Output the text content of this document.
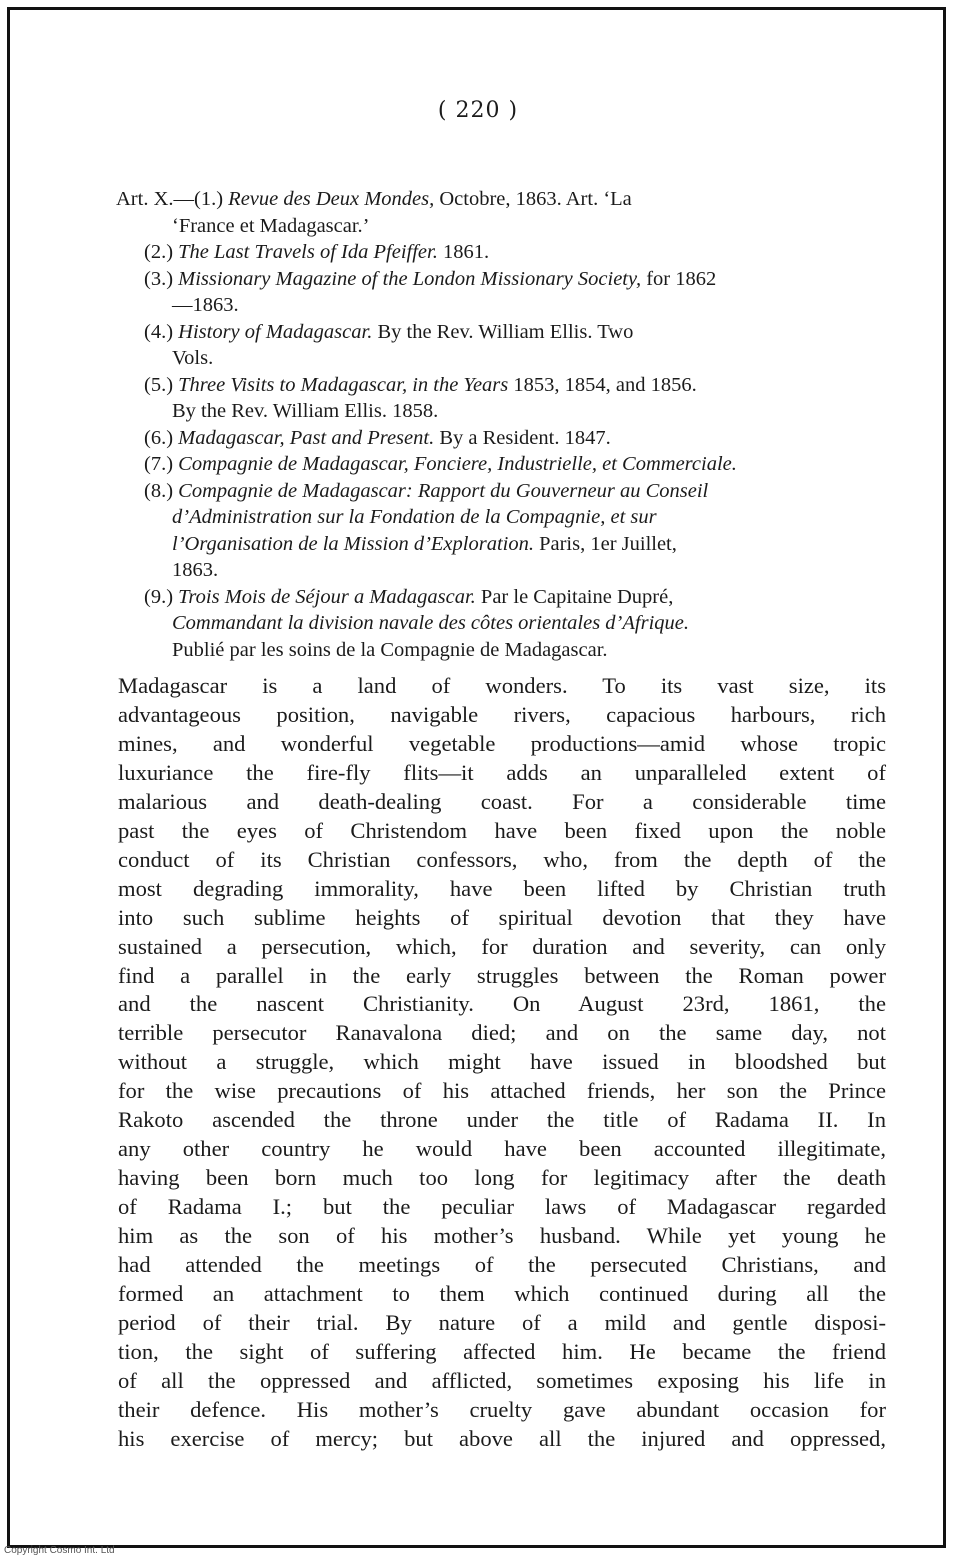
( 220 )
Art. X.—(1.) Revue des Deux Mondes, Octobre, 1863. Art. ‘La
‘France et Madagascar.’
(2.) The Last Travels of Ida Pfeiffer. 1861.
(3.) Missionary Magazine of the London Missionary Society, for 1862
—1863.
(4.) History of Madagascar. By the Rev. William Ellis. Two
Vols.
(5.) Three Visits to Madagascar, in the Years 1853, 1854, and 1856.
By the Rev. William Ellis. 1858.
(6.) Madagascar, Past and Present. By a Resident. 1847.
(7.) Compagnie de Madagascar, Fonciere, Industrielle, et Commerciale.
(8.) Compagnie de Madagascar: Rapport du Gouverneur au Conseil
d’Administration sur la Fondation de la Compagnie, et sur
l’Organisation de la Mission d’Exploration. Paris, 1er Juillet,
1863.
(9.) Trois Mois de Séjour a Madagascar. Par le Capitaine Dupré,
Commandant la division navale des côtes orientales d’Afrique.
Publié par les soins de la Compagnie de Madagascar.
Madagascar is a land of wonders. To its vast size, its
advantageous position, navigable rivers, capacious harbours, rich
mines, and wonderful vegetable productions—amid whose tropic
luxuriance the fire-fly flits—it adds an unparalleled extent of
malarious and death-dealing coast. For a considerable time
past the eyes of Christendom have been fixed upon the noble
conduct of its Christian confessors, who, from the depth of the
most degrading immorality, have been lifted by Christian truth
into such sublime heights of spiritual devotion that they have
sustained a persecution, which, for duration and severity, can only
find a parallel in the early struggles between the Roman power
and the nascent Christianity. On August 23rd, 1861, the
terrible persecutor Ranavalona died; and on the same day, not
without a struggle, which might have issued in bloodshed but
for the wise precautions of his attached friends, her son the Prince
Rakoto ascended the throne under the title of Radama II. In
any other country he would have been accounted illegitimate,
having been born much too long for legitimacy after the death
of Radama I.; but the peculiar laws of Madagascar regarded
him as the son of his mother’s husband. While yet young he
had attended the meetings of the persecuted Christians, and
formed an attachment to them which continued during all the
period of their trial. By nature of a mild and gentle disposi-
tion, the sight of suffering affected him. He became the friend
of all the oppressed and afflicted, sometimes exposing his life in
their defence. His mother’s cruelty gave abundant occasion for
his exercise of mercy; but above all the injured and oppressed,
Copyright Cosmo Int. Ltd
